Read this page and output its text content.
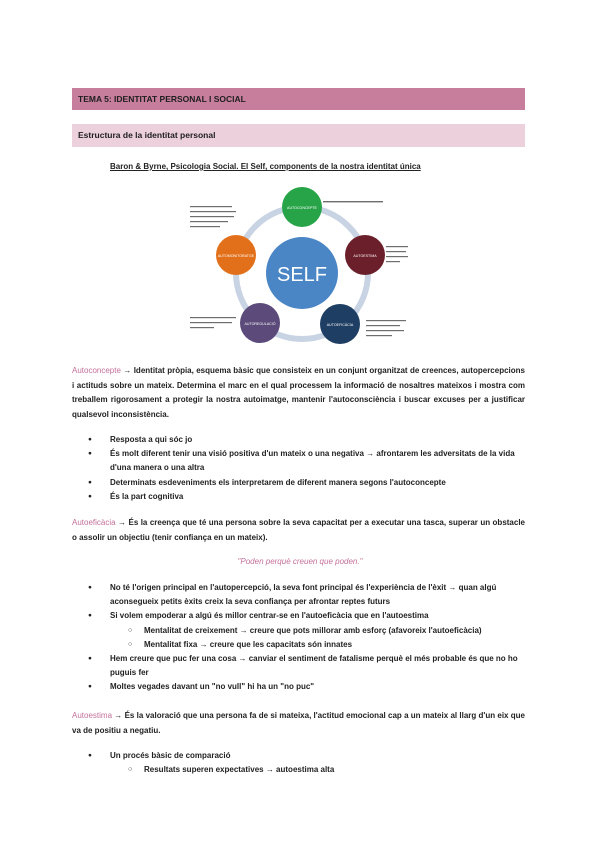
TEMA 5: IDENTITAT PERSONAL I SOCIAL
Estructura de la identitat personal
Baron & Byrne, Psicologia Social. El Self, components de la nostra identitat única
SELF
AUTOCONCEPTE
AUTOESTIMA
AUTOEFICÀCIA
AUTOREGULACIÓ
AUTOMONITORATGE
Autoconcepte → Identitat pròpia, esquema bàsic que consisteix en un conjunt organitzat de creences, autopercepcions i actituds sobre un mateix. Determina el marc en el qual processem la informació de nosaltres mateixos i mostra com treballem rigorosament a protegir la nostra autoimatge, mantenir l'autoconsciència i buscar excuses per a justificar qualsevol inconsistència.
● Resposta a qui sóc jo
● És molt diferent tenir una visió positiva d'un mateix o una negativa → afrontarem les adversitats de la vida d'una manera o una altra
● Determinats esdeveniments els interpretarem de diferent manera segons l'autoconcepte
● És la part cognitiva
Autoeficàcia → És la creença que té una persona sobre la seva capacitat per a executar una tasca, superar un obstacle o assolir un objectiu (tenir confiança en un mateix).
"Poden perquè creuen que poden."
● No té l'origen principal en l'autopercepció, la seva font principal és l'experiència de l'èxit → quan algú aconsegueix petits èxits creix la seva confiança per afrontar reptes futurs
● Si volem empoderar a algú és millor centrar-se en l'autoeficàcia que en l'autoestima
○ Mentalitat de creixement → creure que pots millorar amb esforç (afavoreix l'autoeficàcia)
○ Mentalitat fixa → creure que les capacitats són innates
● Hem creure que puc fer una cosa → canviar el sentiment de fatalisme perquè el més probable és que no ho puguis fer
● Moltes vegades davant un "no vull" hi ha un "no puc"
Autoestima → És la valoració que una persona fa de si mateixa, l'actitud emocional cap a un mateix al llarg d'un eix que va de positiu a negatiu.
● Un procés bàsic de comparació
○ Resultats superen expectatives → autoestima alta
